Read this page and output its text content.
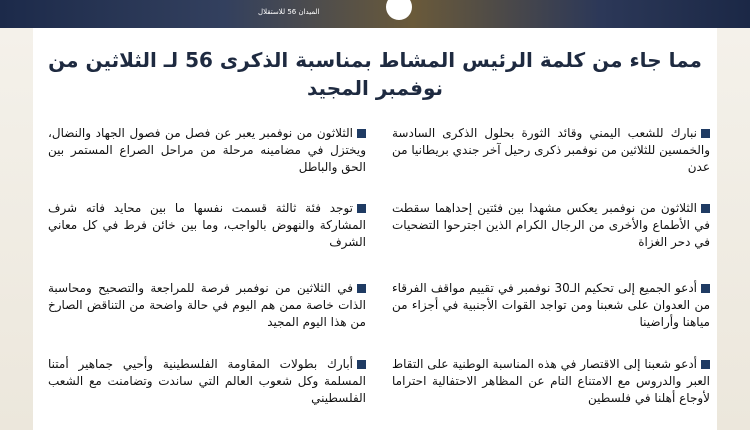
الميدان 56 للاستقلال
مما جاء من كلمة الرئيس المشاط بمناسبة الذكرى 56 لـ الثلاثين من نوفمبر المجيد
نبارك للشعب اليمني وقائد الثورة بحلول الذكرى السادسة والخمسين للثلاثين من نوفمبر ذكرى رحيل آخر جندي بريطانيا من عدن
الثلاثون من نوفمبر يعكس مشهدا بين فئتين إحداهما سقطت في الأطماع والأخرى من الرجال الكرام الذين اجترحوا التضحيات في دحر الغزاة
أدعو الجميع إلى تحكيم الـ30 نوفمبر في تقييم مواقف الفرقاء من العدوان على شعبنا ومن تواجد القوات الأجنبية في أجزاء من مياهنا وأراضينا
أدعو شعبنا إلى الاقتصار في هذه المناسبة الوطنية على التقاط العبر والدروس مع الامتناع التام عن المظاهر الاحتفالية احتراما لأوجاع أهلنا في فلسطين
الثلاثون من نوفمبر يعبر عن فصل من فصول الجهاد والنضال، ويختزل في مضامينه مرحلة من مراحل الصراع المستمر بين الحق والباطل
توجد فئة ثالثة قسمت نفسها ما بين محايد فاته شرف المشاركة والنهوض بالواجب، وما بين خائن فرط في كل معاني الشرف
في الثلاثين من نوفمبر فرصة للمراجعة والتصحيح ومحاسبة الذات خاصة ممن هم اليوم في حالة واضحة من التناقض الصارخ من هذا اليوم المجيد
أبارك بطولات المقاومة الفلسطينية وأحيي جماهير أمتنا المسلمة وكل شعوب العالم التي ساندت وتضامنت مع الشعب الفلسطيني
